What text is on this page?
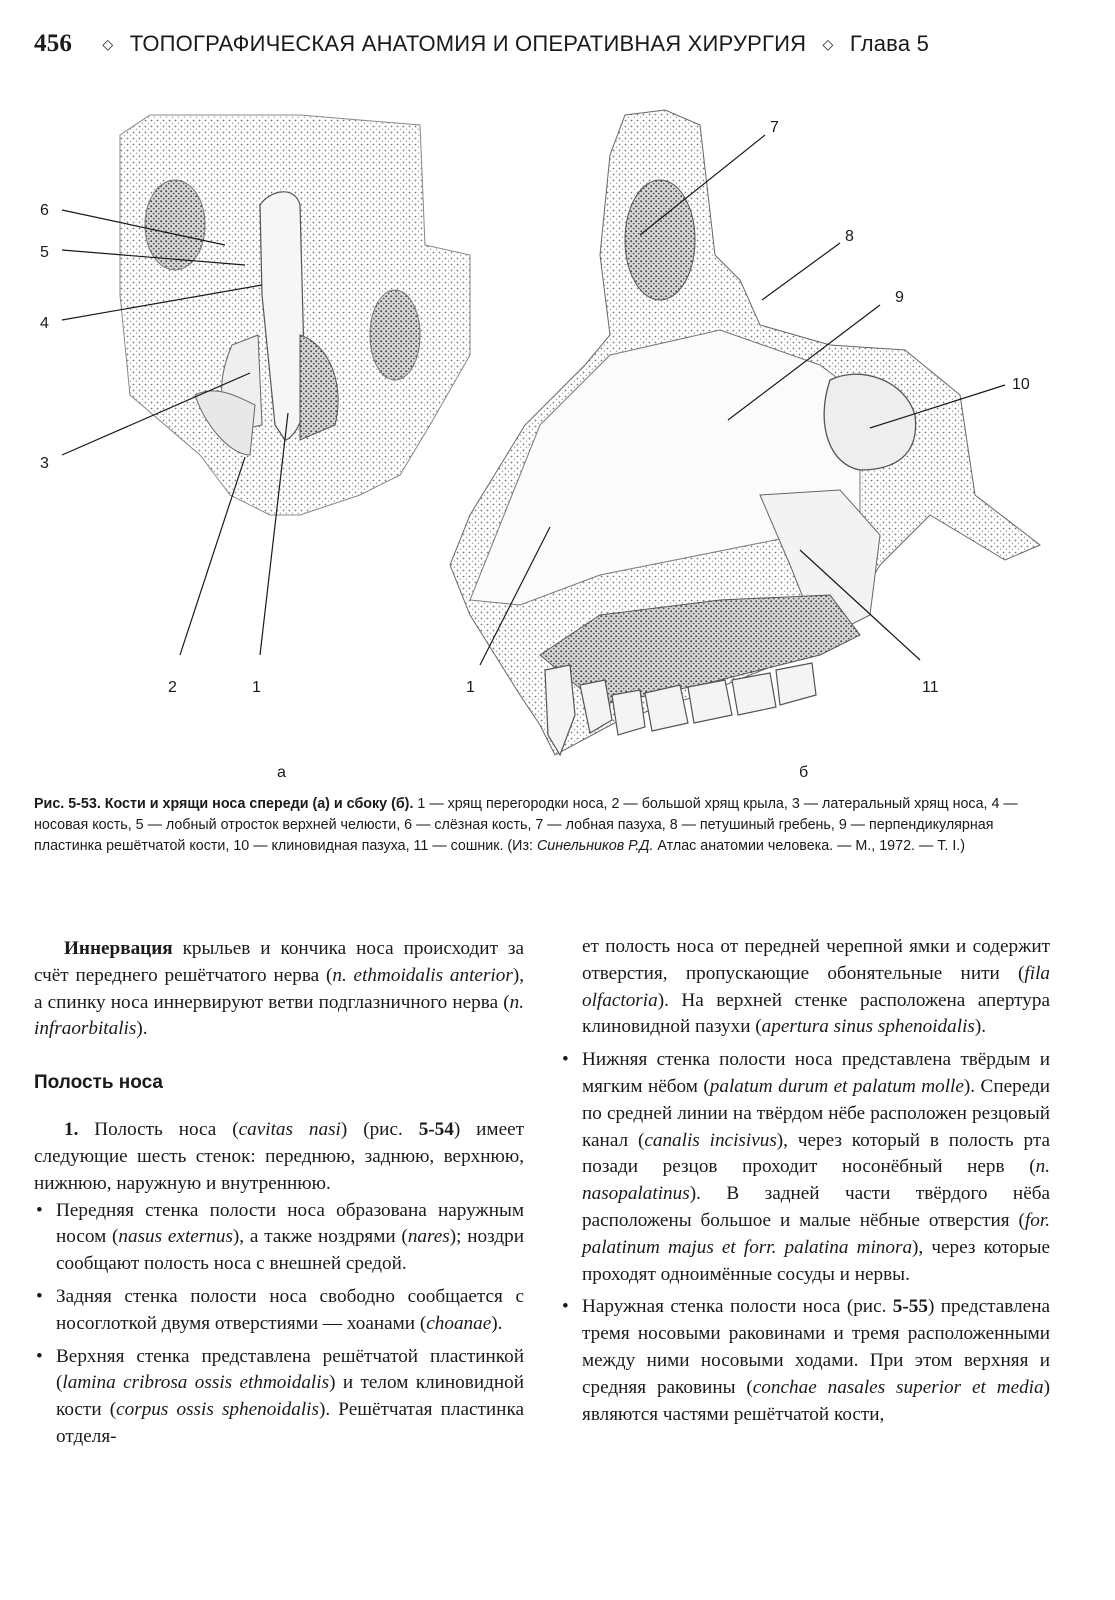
456 ◇ ТОПОГРАФИЧЕСКАЯ АНАТОМИЯ И ОПЕРАТИВНАЯ ХИРУРГИЯ ◇ Глава 5
6
5
4
3
2	1
а
7
8
9
10
1	11
б
Рис. 5-53. Кости и хрящи носа спереди (а) и сбоку (б). 1 — хрящ перегородки носа, 2 — большой хрящ крыла, 3 — латеральный хрящ носа, 4 — носовая кость, 5 — лобный отросток верхней челюсти, 6 — слёзная кость, 7 — лобная пазуха, 8 — петушиный гребень, 9 — перпендикулярная пластинка решётчатой кости, 10 — клиновидная пазуха, 11 — сошник. (Из: Синельников Р.Д. Атлас анатомии человека. — М., 1972. — Т. I.)

Иннервация крыльев и кончика носа происходит за счёт переднего решётчатого нерва (n. ethmoidalis anterior), а спинку носа иннервируют ветви подглазничного нерва (n. infraorbitalis).

Полость носа

1. Полость носа (cavitas nasi) (рис. 5-54) имеет следующие шесть стенок: переднюю, заднюю, верхнюю, нижнюю, наружную и внутреннюю.

• Передняя стенка полости носа образована наружным носом (nasus externus), а также ноздрями (nares); ноздри сообщают полость носа с внешней средой.
• Задняя стенка полости носа свободно сообщается с носоглоткой двумя отверстиями — хоанами (choanae).
• Верхняя стенка представлена решётчатой пластинкой (lamina cribrosa ossis ethmoidalis) и телом клиновидной кости (corpus ossis sphenoidalis). Решётчатая пластинка отделя-

ет полость носа от передней черепной ямки и содержит отверстия, пропускающие обонятельные нити (fila olfactoria). На верхней стенке расположена апертура клиновидной пазухи (apertura sinus sphenoidalis).

• Нижняя стенка полости носа представлена твёрдым и мягким нёбом (palatum durum et palatum molle). Спереди по средней линии на твёрдом нёбе расположен резцовый канал (canalis incisivus), через который в полость рта позади резцов проходит носонёбный нерв (n. nasopalatinus). В задней части твёрдого нёба расположены большое и малые нёбные отверстия (for. palatinum majus et forr. palatina minora), через которые проходят одноимённые сосуды и нервы.
• Наружная стенка полости носа (рис. 5-55) представлена тремя носовыми раковинами и тремя расположенными между ними носовыми ходами. При этом верхняя и средняя раковины (conchae nasales superior et media) являются частями решётчатой кости,
